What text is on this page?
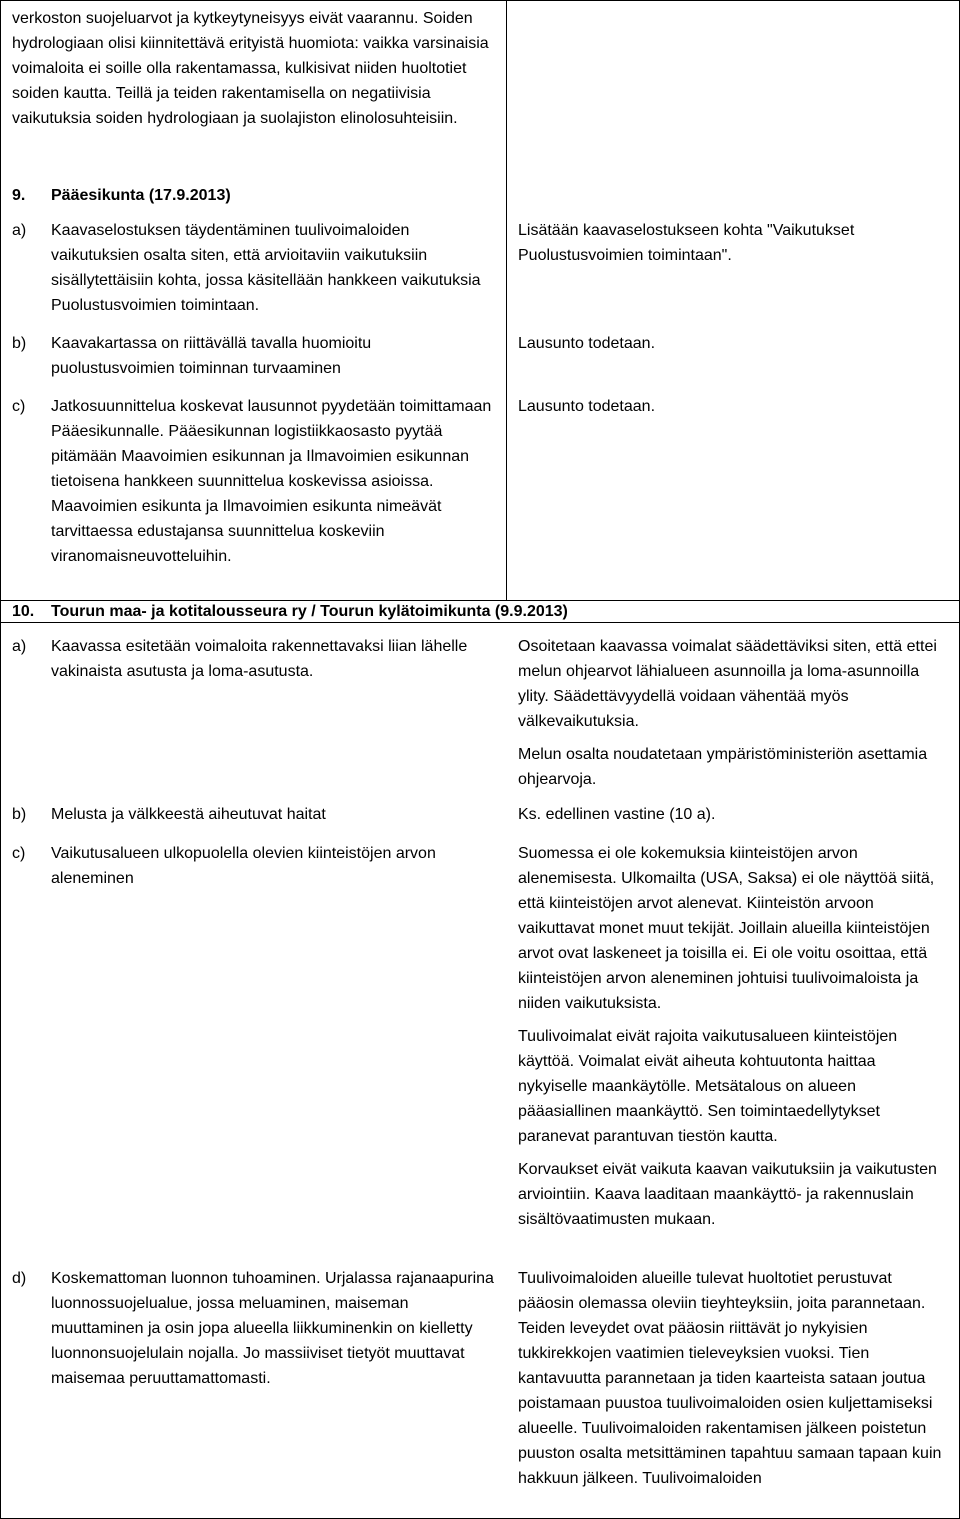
verkoston suojeluarvot ja kytkeytyneisyys eivät vaarannu. Soiden hydrologiaan olisi kiinnitettävä erityistä huomiota: vaikka varsinaisia voimaloita ei soille olla rakentamassa, kulkisivat niiden huoltotiet soiden kautta. Teillä ja teiden rakentamisella on negatiivisia vaikutuksia soiden hydrologiaan ja suolajiston elinolosuhteisiin.
9. Pääesikunta (17.9.2013)
a)	Kaavaselostuksen täydentäminen tuulivoimaloiden vaikutuksien osalta siten, että arvioitaviin vaikutuksiin sisällytettäisiin kohta, jossa käsitellään hankkeen vaikutuksia Puolustusvoimien toimintaan.
Lisätään kaavaselostukseen kohta "Vaikutukset Puolustusvoimien toimintaan".
b)	Kaavakartassa on riittävällä tavalla huomioitu puolustusvoimien toiminnan turvaaminen
Lausunto todetaan.
c)	Jatkosuunnittelua koskevat lausunnot pyydetään toimittamaan Pääesikunnalle. Pääesikunnan logistiikkaosasto pyytää pitämään Maavoimien esikunnan ja Ilmavoimien esikunnan tietoisena hankkeen suunnittelua koskevissa asioissa. Maavoimien esikunta ja Ilmavoimien esikunta nimeävät tarvittaessa edustajansa suunnittelua koskeviin viranomaisneuvotteluihin.
Lausunto todetaan.
10. Tourun maa- ja kotitalousseura ry / Tourun kylätoimikunta (9.9.2013)
a)	Kaavassa esitetään voimaloita rakennettavaksi liian lähelle vakinaista asutusta ja loma-asutusta.

Osoitetaan kaavassa voimalat säädettäviksi siten, että ettei melun ohjearvot lähialueen asunnoilla ja loma-asunnoilla ylity. Säädettävyydellä voidaan vähentää myös välkevaikutuksia.

Melun osalta noudatetaan ympäristöministeriön asettamia ohjearvoja.

b)	Melusta ja välkkeestä aiheutuvat haitat	Ks. edellinen vastine (10 a).

c)	Vaikutusalueen ulkopuolella olevien kiinteistöjen arvon aleneminen

Suomessa ei ole kokemuksia kiinteistöjen arvon alenemisesta. Ulkomailta (USA, Saksa) ei ole näyttöä siitä, että kiinteistöjen arvot alenevat. Kiinteistön arvoon vaikuttavat monet muut tekijät. Joillain alueilla kiinteistöjen arvot ovat laskeneet ja toisilla ei. Ei ole voitu osoittaa, että kiinteistöjen arvon aleneminen johtuisi tuulivoimaloista ja niiden vaikutuksista.

Tuulivoimalat eivät rajoita vaikutusalueen kiinteistöjen käyttöä. Voimalat eivät aiheuta kohtuutonta haittaa nykyiselle maankäytölle. Metsätalous on alueen pääasiallinen maankäyttö. Sen toimintaedellytykset paranevat parantuvan tiestön kautta.

Korvaukset eivät vaikuta kaavan vaikutuksiin ja vaikutusten arviointiin. Kaava laaditaan maankäyttö- ja rakennuslain sisältövaatimusten mukaan.

d)	Koskemattoman luonnon tuhoaminen. Urjalassa rajanaapurina luonnossuojelualue, jossa meluaminen, maiseman muuttaminen ja osin jopa alueella liikkuminenkin on kielletty luonnonsuojelulain nojalla. Jo massiiviset tietyöt muuttavat maisemaa peruuttamattomasti.

Tuulivoimaloiden alueille tulevat huoltotiet perustuvat pääosin olemassa oleviin tieyhteyksiin, joita parannetaan. Teiden leveydet ovat pääosin riittävät jo nykyisien tukkirekkojen vaatimien tieleveyksien vuoksi. Tien kantavuutta parannetaan ja tiden kaarteista sataan joutua poistamaan puustoa tuulivoimaloiden osien kuljettamiseksi alueelle. Tuulivoimaloiden rakentamisen jälkeen poistetun puuston osalta metsittäminen tapahtuu samaan tapaan kuin hakkuun jälkeen. Tuulivoimaloiden
